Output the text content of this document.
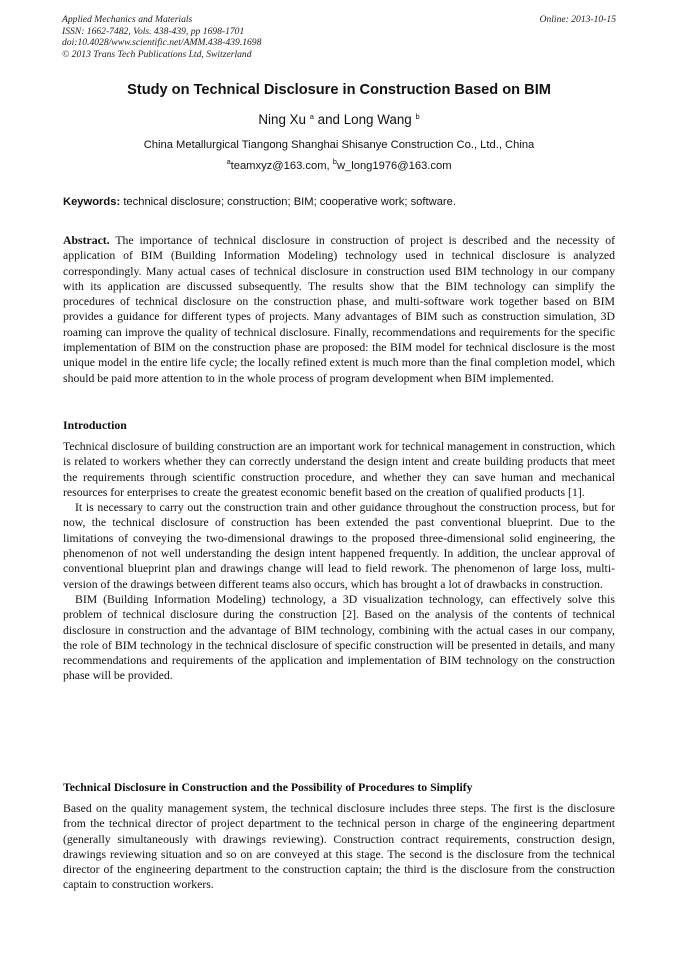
Applied Mechanics and Materials
ISSN: 1662-7482, Vols. 438-439, pp 1698-1701
doi:10.4028/www.scientific.net/AMM.438-439.1698
© 2013 Trans Tech Publications Ltd, Switzerland
Online: 2013-10-15
Study on Technical Disclosure in Construction Based on BIM
Ning Xu $^a$ and Long Wang $^b$
China Metallurgical Tiangong Shanghai Shisanye Construction Co., Ltd., China
$^a$teamxyz@163.com, $^b$w_long1976@163.com
Keywords: technical disclosure; construction; BIM; cooperative work; software.

Abstract. The importance of technical disclosure in construction of project is described and the necessity of application of BIM (Building Information Modeling) technology used in technical disclosure is analyzed correspondingly. Many actual cases of technical disclosure in construction used BIM technology in our company with its application are discussed subsequently. The results show that the BIM technology can simplify the procedures of technical disclosure on the construction phase, and multi-software work together based on BIM provides a guidance for different types of projects. Many advantages of BIM such as construction simulation, 3D roaming can improve the quality of technical disclosure. Finally, recommendations and requirements for the specific implementation of BIM on the construction phase are proposed: the BIM model for technical disclosure is the most unique model in the entire life cycle; the locally refined extent is much more than the final completion model, which should be paid more attention to in the whole process of program development when BIM implemented.

Introduction

Technical disclosure of building construction are an important work for technical management in construction, which is related to workers whether they can correctly understand the design intent and create building products that meet the requirements through scientific construction procedure, and whether they can save human and mechanical resources for enterprises to create the greatest economic benefit based on the creation of qualified products [1].

It is necessary to carry out the construction train and other guidance throughout the construction process, but for now, the technical disclosure of construction has been extended the past conventional blueprint. Due to the limitations of conveying the two-dimensional drawings to the proposed three-dimensional solid engineering, the phenomenon of not well understanding the design intent happened frequently. In addition, the unclear approval of conventional blueprint plan and drawings change will lead to field rework. The phenomenon of large loss, multi-version of the drawings between different teams also occurs, which has brought a lot of drawbacks in construction.

BIM (Building Information Modeling) technology, a 3D visualization technology, can effectively solve this problem of technical disclosure during the construction [2]. Based on the analysis of the contents of technical disclosure in construction and the advantage of BIM technology, combining with the actual cases in our company, the role of BIM technology in the technical disclosure of specific construction will be presented in details, and many recommendations and requirements of the application and implementation of BIM technology on the construction phase will be provided.

Technical Disclosure in Construction and the Possibility of Procedures to Simplify

Based on the quality management system, the technical disclosure includes three steps. The first is the disclosure from the technical director of project department to the technical person in charge of the engineering department (generally simultaneously with drawings reviewing). Construction contract requirements, construction design, drawings reviewing situation and so on are conveyed at this stage. The second is the disclosure from the technical director of the engineering department to the construction captain; the third is the disclosure from the construction captain to construction workers.
